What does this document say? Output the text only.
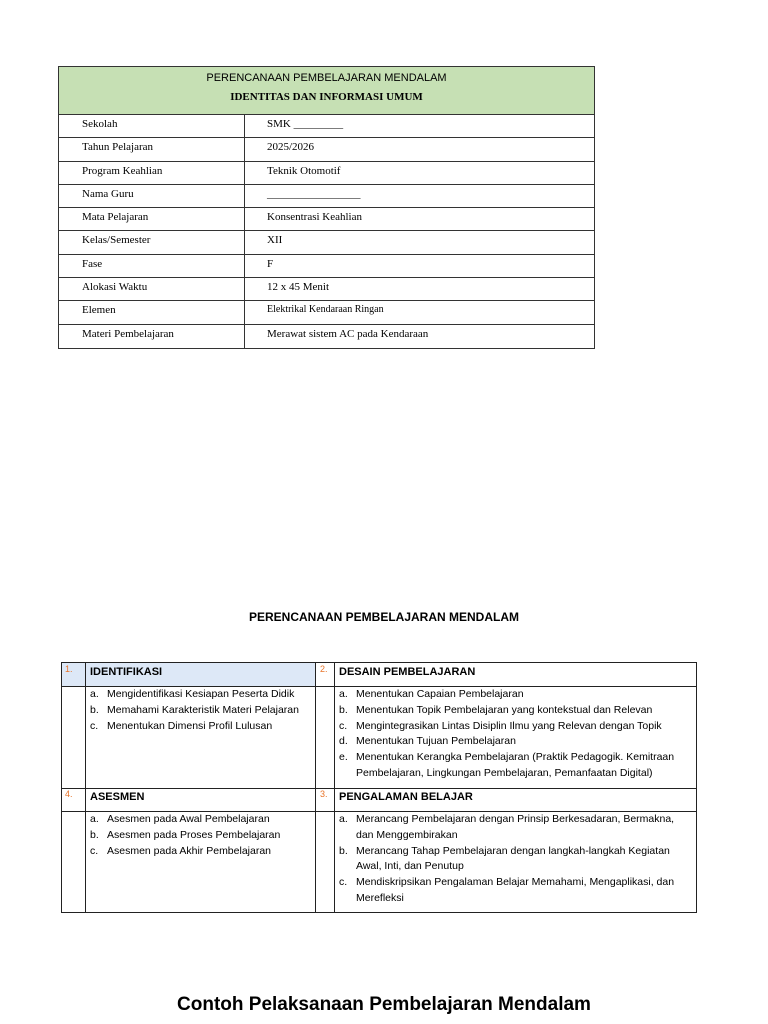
PERENCANAAN PEMBELAJARAN MENDALAM
IDENTITAS DAN INFORMASI UMUM
Sekolah	SMK _________
Tahun Pelajaran	2025/2026
Program Keahlian	Teknik Otomotif
Nama Guru	_________________
Mata Pelajaran	Konsentrasi Keahlian
Kelas/Semester	XII
Fase	F
Alokasi Waktu	12 x 45 Menit
Elemen	Elektrikal Kendaraan Ringan
Materi Pembelajaran	Merawat sistem AC pada Kendaraan
PERENCANAAN PEMBELAJARAN MENDALAM
1. IDENTIFIKASI
a. Mengidentifikasi Kesiapan Peserta Didik
b. Memahami Karakteristik Materi Pelajaran
c. Menentukan Dimensi Profil Lulusan
2. DESAIN PEMBELAJARAN
a. Menentukan Capaian Pembelajaran
b. Menentukan Topik Pembelajaran yang kontekstual dan Relevan
c. Mengintegrasikan Lintas Disiplin Ilmu yang Relevan dengan Topik
d. Menentukan Tujuan Pembelajaran
e. Menentukan Kerangka Pembelajaran (Praktik Pedagogik. Kemitraan Pembelajaran, Lingkungan Pembelajaran, Pemanfaatan Digital)
4. ASESMEN
a. Asesmen pada Awal Pembelajaran
b. Asesmen pada Proses Pembelajaran
c. Asesmen pada Akhir Pembelajaran
3. PENGALAMAN BELAJAR
a. Merancang Pembelajaran dengan Prinsip Berkesadaran, Bermakna, dan Menggembirakan
b. Merancang Tahap Pembelajaran dengan langkah-langkah Kegiatan Awal, Inti, dan Penutup
c. Mendiskripsikan Pengalaman Belajar Memahami, Mengaplikasi, dan Merefleksi
Contoh Pelaksanaan Pembelajaran Mendalam
